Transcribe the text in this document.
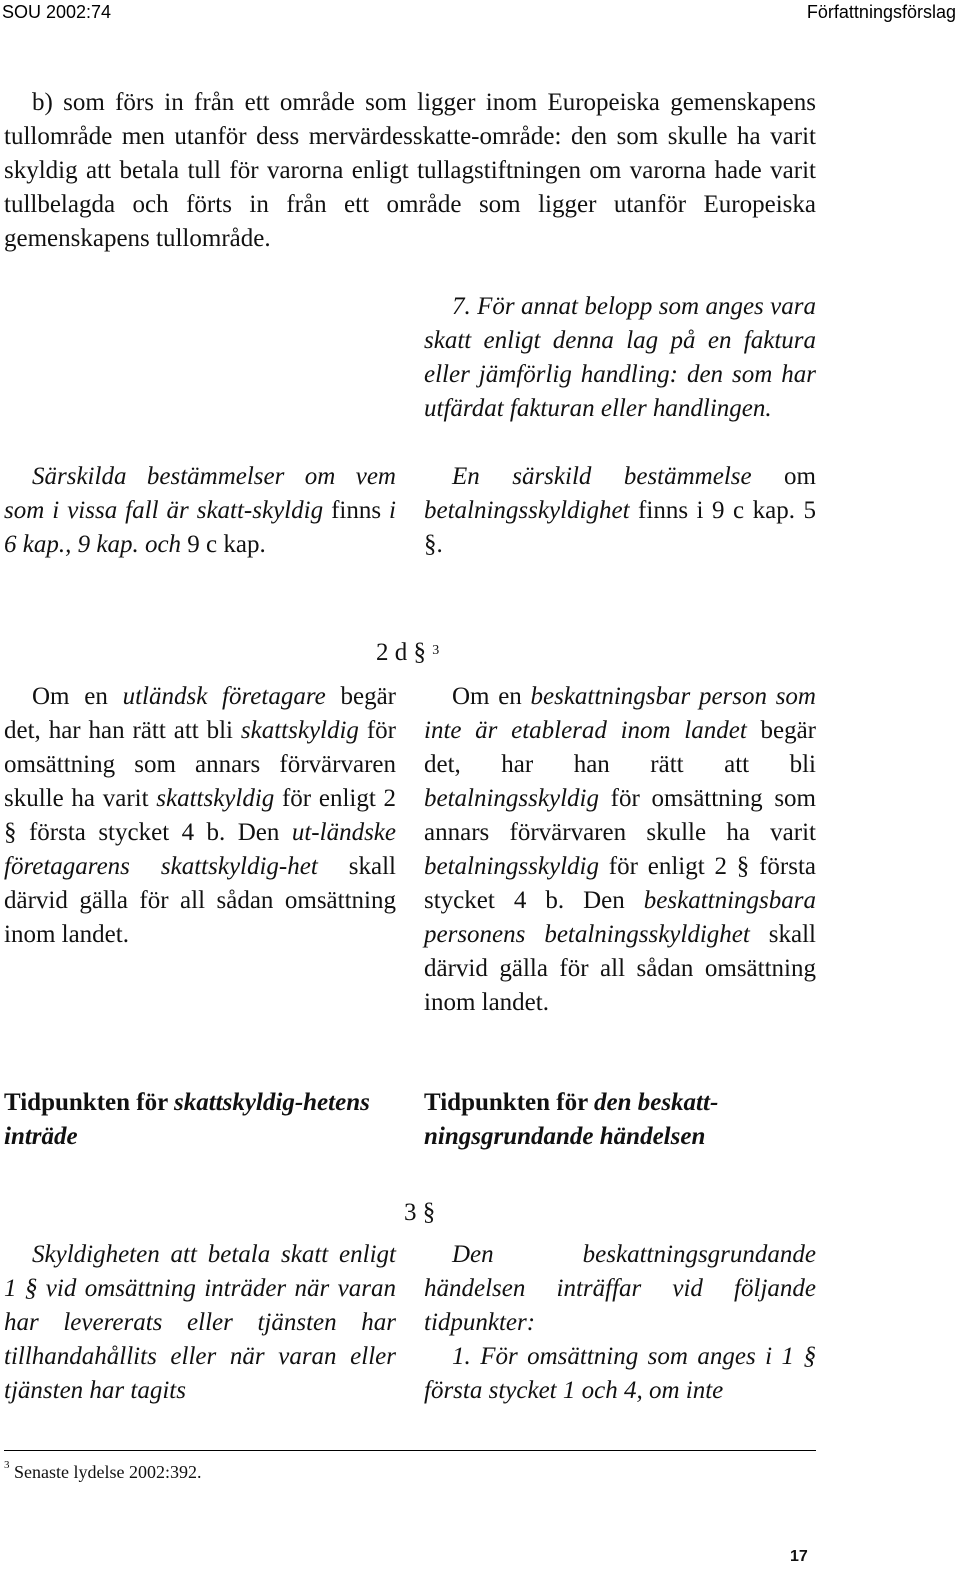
SOU 2002:74	Författningsförslag

b) som förs in från ett område som ligger inom Europeiska gemenskapens tullområde men utanför dess mervärdesskatte-område: den som skulle ha varit skyldig att betala tull för varorna enligt tullagstiftningen om varorna hade varit tullbelagda och förts in från ett område som ligger utanför Europeiska gemenskapens tullområde.

7. För annat belopp som anges vara skatt enligt denna lag på en faktura eller jämförlig handling: den som har utfärdat fakturan eller handlingen.

Särskilda bestämmelser om vem som i vissa fall är skatt-skyldig finns i 6 kap., 9 kap. och 9 c kap.

En särskild bestämmelse om betalningsskyldighet finns i 9 c kap. 5 §.

2 d § $^3$

Om en utländsk företagare begär det, har han rätt att bli skattskyldig för omsättning som annars förvärvaren skulle ha varit skattskyldig för enligt 2 § första stycket 4 b. Den ut-ländske företagarens skattskyldig-het skall därvid gälla för all sådan omsättning inom landet.

Om en beskattningsbar person som inte är etablerad inom landet begär det, har han rätt att bli betalningsskyldig för omsättning som annars förvärvaren skulle ha varit betalningsskyldig för enligt 2 § första stycket 4 b. Den beskattningsbara personens betalningsskyldighet skall därvid gälla för all sådan omsättning inom landet.

Tidpunkten för skattskyldig-hetens inträde
Tidpunkten för den beskatt-ningsgrundande händelsen
3 §

Skyldigheten att betala skatt enligt 1 § vid omsättning inträder när varan har levererats eller tjänsten har tillhandahållits eller när varan eller tjänsten har tagits

Den beskattningsgrundande händelsen inträffar vid följande tidpunkter:

1. För omsättning som anges i 1 § första stycket 1 och 4, om inte

$^3$ Senaste lydelse 2002:392.
17
